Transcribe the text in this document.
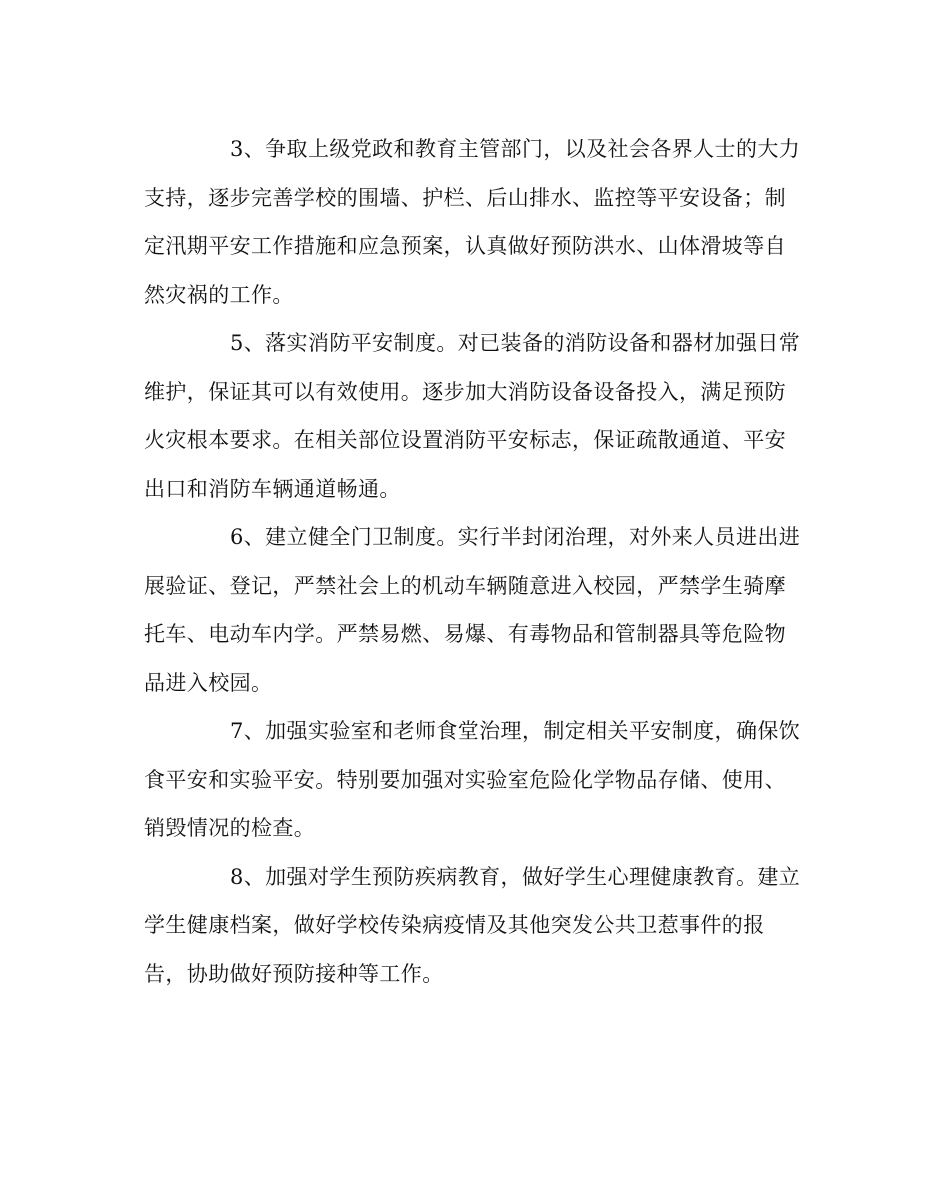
3、争取上级党政和教育主管部门，以及社会各界人士的大力支持，逐步完善学校的围墙、护栏、后山排水、监控等平安设备；制定汛期平安工作措施和应急预案，认真做好预防洪水、山体滑坡等自然灾祸的工作。

5、落实消防平安制度。对已装备的消防设备和器材加强日常维护，保证其可以有效使用。逐步加大消防设备设备投入，满足预防火灾根本要求。在相关部位设置消防平安标志，保证疏散通道、平安出口和消防车辆通道畅通。

6、建立健全门卫制度。实行半封闭治理，对外来人员进出进展验证、登记，严禁社会上的机动车辆随意进入校园，严禁学生骑摩托车、电动车内学。严禁易燃、易爆、有毒物品和管制器具等危险物品进入校园。

7、加强实验室和老师食堂治理，制定相关平安制度，确保饮食平安和实验平安。特别要加强对实验室危险化学物品存储、使用、销毁情况的检查。

8、加强对学生预防疾病教育，做好学生心理健康教育。建立学生健康档案，做好学校传染病疫情及其他突发公共卫惹事件的报告，协助做好预防接种等工作。
